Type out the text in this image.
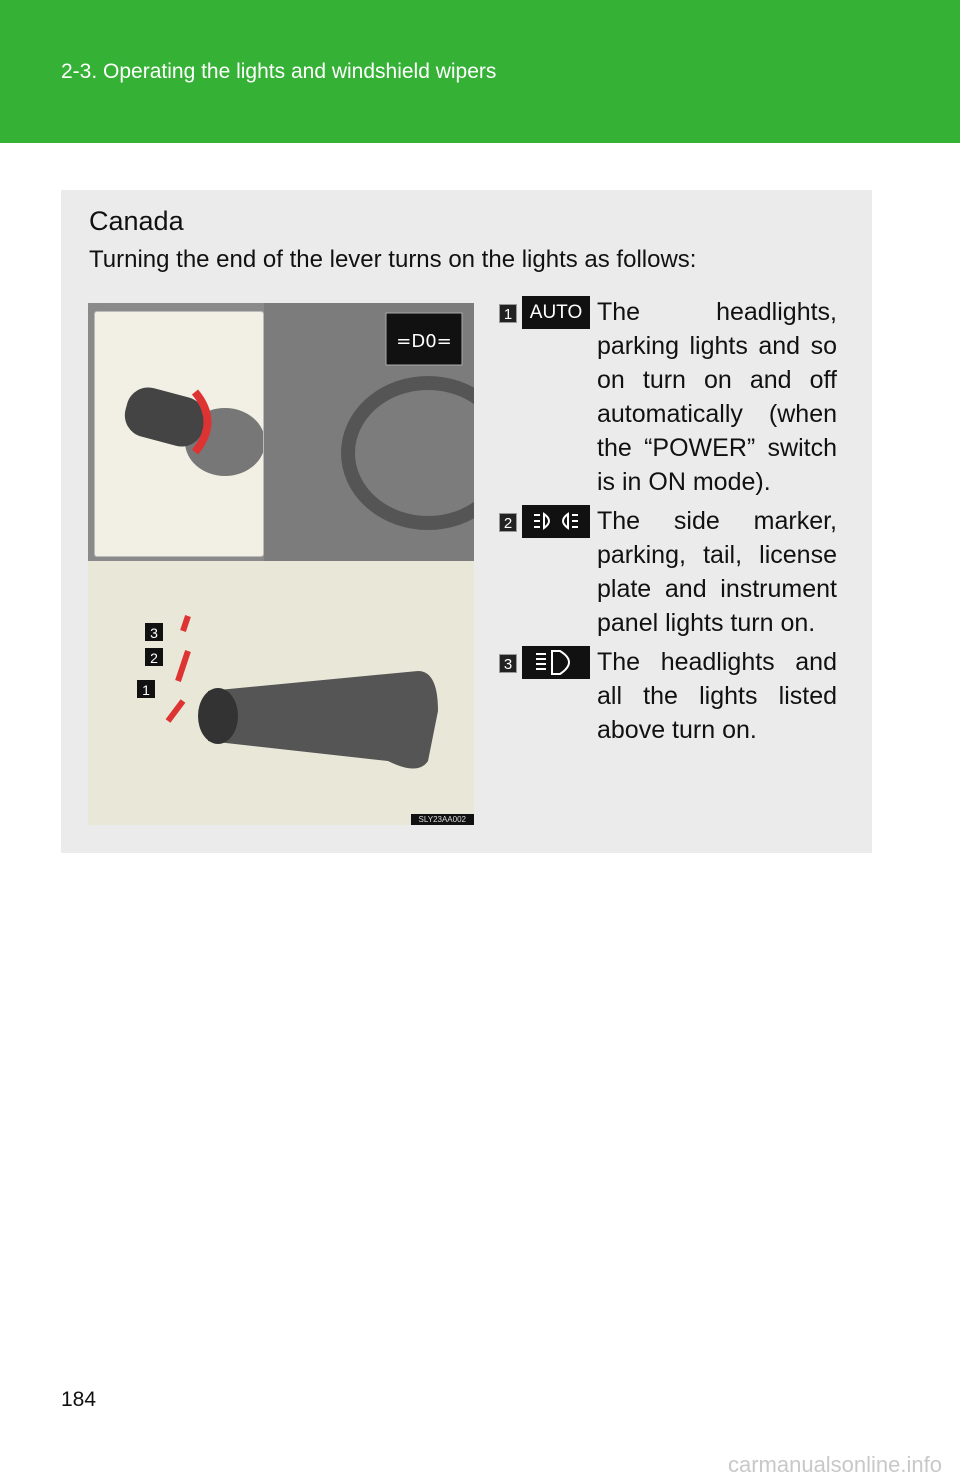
2-3. Operating the lights and windshield wipers
Canada
Turning the end of the lever turns on the lights as follows:
=D0=
3
2
1
SLY23AA002
1 AUTO The headlights, parking lights and so on turn on and off automatically (when the “POWER” switch is in ON mode).
2	The side marker, parking, tail, license plate and instrument panel lights turn on.
3	The headlights and all the lights listed above turn on.
184
carmanualsonline.info
